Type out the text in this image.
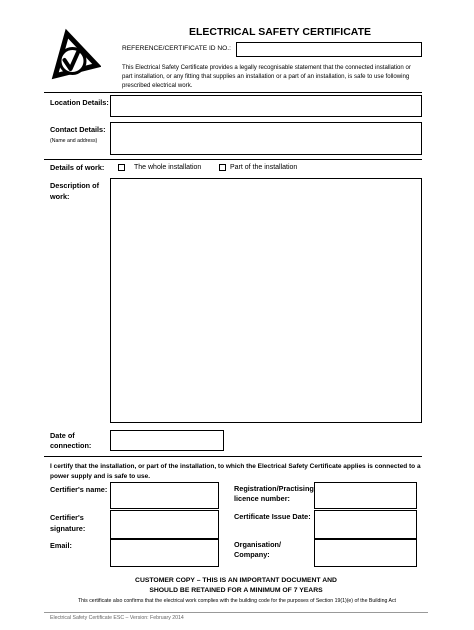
ELECTRICAL SAFETY CERTIFICATE
REFERENCE/CERTIFICATE ID NO.:
This Electrical Safety Certificate provides a legally recognisable statement that the connected installation or part installation, or any fitting that supplies an installation or a part of an installation, is safe to use following prescribed electrical work.
Location Details:
Contact Details:
(Name and address)
Details of work:	The whole installation	Part of the installation
Description of
work:
Date of
connection:
I certify that the installation, or part of the installation, to which the Electrical Safety Certificate applies is connected to a power supply and is safe to use.
Certifier's name:
Certifier's
signature:
Email:
Registration/Practising
licence number:
Certificate Issue Date:
Organisation/
Company:
CUSTOMER COPY – THIS IS AN IMPORTANT DOCUMENT AND
SHOULD BE RETAINED FOR A MINIMUM OF 7 YEARS
This certificate also confirms that the electrical work complies with the building code for the purposes of Section 19(1)(e) of the Building Act
Electrical Safety Certificate ESC – Version: February 2014
